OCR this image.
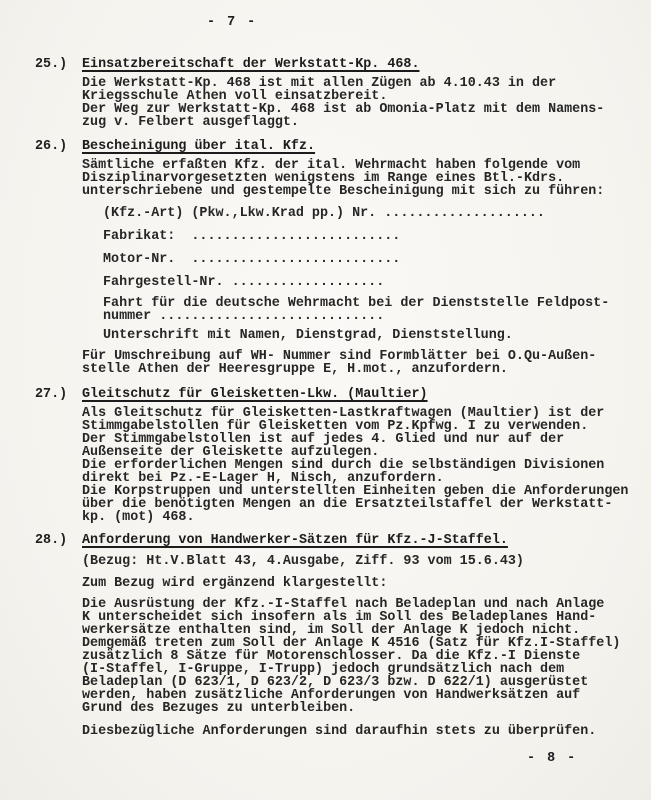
- 7 -
25.)	Einsatzbereitschaft der Werkstatt-Kp. 468.
Die Werkstatt-Kp. 468 ist mit allen Zügen ab 4.10.43 in der
Kriegsschule Athen voll einsatzbereit.
Der Weg zur Werkstatt-Kp. 468 ist ab Omonia-Platz mit dem Namens-
zug v. Felbert ausgeflaggt.
26.)	Bescheinigung über ital. Kfz.
Sämtliche erfaßten Kfz. der ital. Wehrmacht haben folgende vom
Disziplinarvorgesetzten wenigstens im Range eines Btl.-Kdrs.
unterschriebene und gestempelte Bescheinigung mit sich zu führen:
(Kfz.-Art) (Pkw.,Lkw.Krad pp.) Nr. ....................
Fabrikat:  ..........................
Motor-Nr.  ..........................
Fahrgestell-Nr. ...................
Fahrt für die deutsche Wehrmacht bei der Dienststelle Feldpost-
nummer ............................
Unterschrift mit Namen, Dienstgrad, Dienststellung.
Für Umschreibung auf WH- Nummer sind Formblätter bei O.Qu-Außen-
stelle Athen der Heeresgruppe E, H.mot., anzufordern.
27.)	Gleitschutz für Gleisketten-Lkw. (Maultier)
Als Gleitschutz für Gleisketten-Lastkraftwagen (Maultier) ist der
Stimmgabelstollen für Gleisketten vom Pz.Kpfwg. I zu verwenden.
Der Stimmgabelstollen ist auf jedes 4. Glied und nur auf der
Außenseite der Gleiskette aufzulegen.
Die erforderlichen Mengen sind durch die selbständigen Divisionen
direkt bei Pz.-E-Lager H, Nisch, anzufordern.
Die Korpstruppen und unterstellten Einheiten geben die Anforderungen
über die benötigten Mengen an die Ersatzteilstaffel der Werkstatt-
kp. (mot) 468.
28.)	Anforderung von Handwerker-Sätzen für Kfz.-J-Staffel.
(Bezug: Ht.V.Blatt 43, 4.Ausgabe, Ziff. 93 vom 15.6.43)
Zum Bezug wird ergänzend klargestellt:
Die Ausrüstung der Kfz.-I-Staffel nach Beladeplan und nach Anlage
K unterscheidet sich insofern als im Soll des Beladeplanes Hand-
werkersätze enthalten sind, im Soll der Anlage K jedoch nicht.
Demgemäß treten zum Soll der Anlage K 4516 (Satz für Kfz.I-Staffel)
zusätzlich 8 Sätze für Motorenschlosser. Da die Kfz.-I Dienste
(I-Staffel, I-Gruppe, I-Trupp) jedoch grundsätzlich nach dem
Beladeplan (D 623/1, D 623/2, D 623/3 bzw. D 622/1) ausgerüstet
werden, haben zusätzliche Anforderungen von Handwerksätzen auf
Grund des Bezuges zu unterbleiben.
Diesbezügliche Anforderungen sind daraufhin stets zu überprüfen.
- 8 -
